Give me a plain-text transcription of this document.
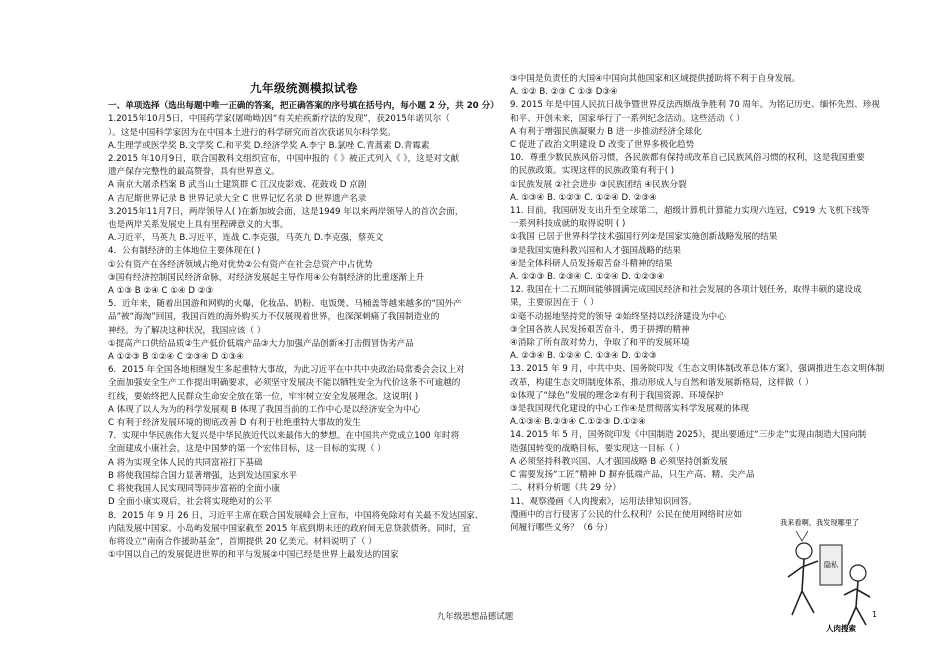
九年级统测模拟试卷
一、单项选择（选出每题中唯一正确的答案，把正确答案的序号填在括号内，每小题 2 分，共 20 分）
1.2015年10月5日，中国药学家(屠呦呦)因“有关疟疾新疗法的发现”，获2015年诺贝尔（
）。这是中国科学家因为在中国本土进行的科学研究而首次获诺贝尔科学奖。
A.生理学或医学奖 B.文学奖 C.和平奖 D.经济学奖 A.李宁 B.氯唑 C.青蒿素 D.青霉素
2.2015 年10月9日，联合国教科文组织宣布，中国申报的《 》被正式列入《 》，这是对文献
遗产保存完整性的最高赞誉，具有世界意义。
A 南京大屠杀档案 B 武当山士建筑群 C 江汉皮影戏、花鼓戏 D 京剧
A 吉尼斯世界记录 B 世界记录大全 C 世界记忆名录 D 世界遗产名录
3.2015年11月7日，两岸领导人( )在新加坡会面，这是1949 年以来两岸领导人的首次会面，
也是两岸关系发展史上具有里程碑意义的大事。
A.习近平，马英九 B.习近平，连战 C.李克强，马英九 D.李克强，蔡英文
4．公有制经济的主体地位主要体现在( )
①公有资产在各经济领域占绝对优势②公有资产在社会总资产中占优势
③国有经济控制国民经济命脉，对经济发展起主导作用④公有制经济的比重逐渐上升
A ①③ B ②④ C ①④ D ②③
5．近年来，随着出国游和网购的火爆，化妆品、奶粉、电饭煲、马桶盖等越来越多的“国外产
品”被“海淘”回国，我国百姓的海外购买力不仅展现着世界，也深深刺痛了我国制造业的
神经。为了解决这种状况，我国应该（ ）
①提高产口供给品质②生产低价低端产品③大力加强产品创新④打击假冒伪劣产品
A ①②③ B ①②④ C ②③④ D ①③④
6．2015 年全国各地相继发生多起重特大事故，为此习近平在中共中央政治局常委会会议上对
全面加强安全生产工作提出明确要求，必须坚守发展决不能以牺牲安全为代价这条不可逾越的
红线，要始终把人民群众生命安全放在第一位，牢牢树立安全发展理念。这说明( )
A 体现了以人为为的科学发展观 B 体现了我国当前的工作中心是以经济安全为中心
C 有利于经济发展环境的彻底改善 D 有利于杜绝重特大事故的发生
7．实现中华民族伟大复兴是中华民族近代以来最伟大的梦想。在中国共产党成立100 年时将
全面建成小康社会，这是中国梦的第一个宏伟目标，这一目标的实现（ ）
A 将为实现全体人民的共同富裕打下基础
B 将使我国综合国力显著增强，达到发达国家水平
C 将使我国人民实现同等同步富裕的全面小康
D 全面小康实现后，社会将实现绝对的公平
8．2015 年 9 月 26 日，习近平主席在联合国发展峰会上宣布，中国将免除对有关最不发达国家、
内陆发展中国家、小岛屿发展中国家截至 2015 年底到期未还的政府间无息贷款债务。同时，宣
布将设立“南南合作援助基金”，首期提供 20 亿美元。材料说明了（ ）
①中国以自己的发展促进世界的和平与发展②中国已经是世界上最发达的国家
③中国是负责任的大国④中国向其他国家和区域提供援助将不利于自身发展。
A. ①② B. ②③ C ①③ D③④
9. 2015 年是中国人民抗日战争暨世界反法西斯战争胜利 70 周年。为铭记历史、缅怀先烈、珍视
和平、开创未来，国家举行了一系列纪念活动。这些活动（ ）
A 有利于增强民族凝聚力 B 进一步推动经济全球化
C 促进了政治文明建设 D 改变了世界多极化趋势
10．尊重少数民族风俗习惯，各民族都有保持或改革自己民族风俗习惯的权利，这是我国重要
的民族政策。实现这样的民族政策有利于( )
①民族发展 ②社会进步 ③民族团结 ④民族分裂
A. ①③④ B. ①②③ C. ①②④ D. ②③④
11. 目前，我国研发支出升至全球第二，超级计算机计算能力实现六连冠，C919 大飞机下线等
一系列科技成就的取得说明 ( )
①我国 已居于世界科学技术强国行列②是国家实施创新战略发展的结果
③是我国实施科教兴国和人才强国战略的结果
④是全体科研人员发扬艰苦奋斗精神的结果
A. ①②③ B. ②③④ C. ①②④ D. ①②③④
12. 我国在十二五期间能够圆满完成国民经济和社会发展的各项计划任务，取得丰硕的建设成
果，主要原因在于（ ）
①毫不动摇地坚持党的领导 ②始终坚持以经济建设为中心
③全国各族人民发扬艰苦奋斗，勇于拼搏的精神
④消除了所有敌对势力，争取了和平的发展环境
A. ②③④ B. ①②④ C. ①③④ D. ①②③
13. 2015 年 9 月，中共中央、国务院印发《生态文明体制改革总体方案》，强调推进生态文明体制
改革，构建生态文明制度体系，推动形成人与自然和谐发展新格局，这样做（ ）
①体现了“绿色”发展的理念②有利于我国资源、环境保护
③是我国现代化建设的中心工作④是贯彻落实科学发展观的体现
A.①③④ B.②③④ C.①②③ D.①②④
14. 2015 年 5 月，国务院印发《中国制造 2025》，提出要通过“三步走”实现由制造大国向制
造强国转变的战略目标，要实现这一目标（ ）
A 必须坚持科教兴国、人才强国战略 B 必须坚持创新发展
C 需要发扬“工匠”精神 D 摒弃低端产品，只生产高、精、尖产品
二、材料分析题（共 29 分）
11、观察漫画《人肉搜索》，运用法律知识回答。
漫画中的言行侵害了公民的什么权利？公民在使用网络时应如
何履行哪些义务？（6 分）
我来看啊，我发现哪里了
隐私
人肉搜索
九年级思想品德试题	1
